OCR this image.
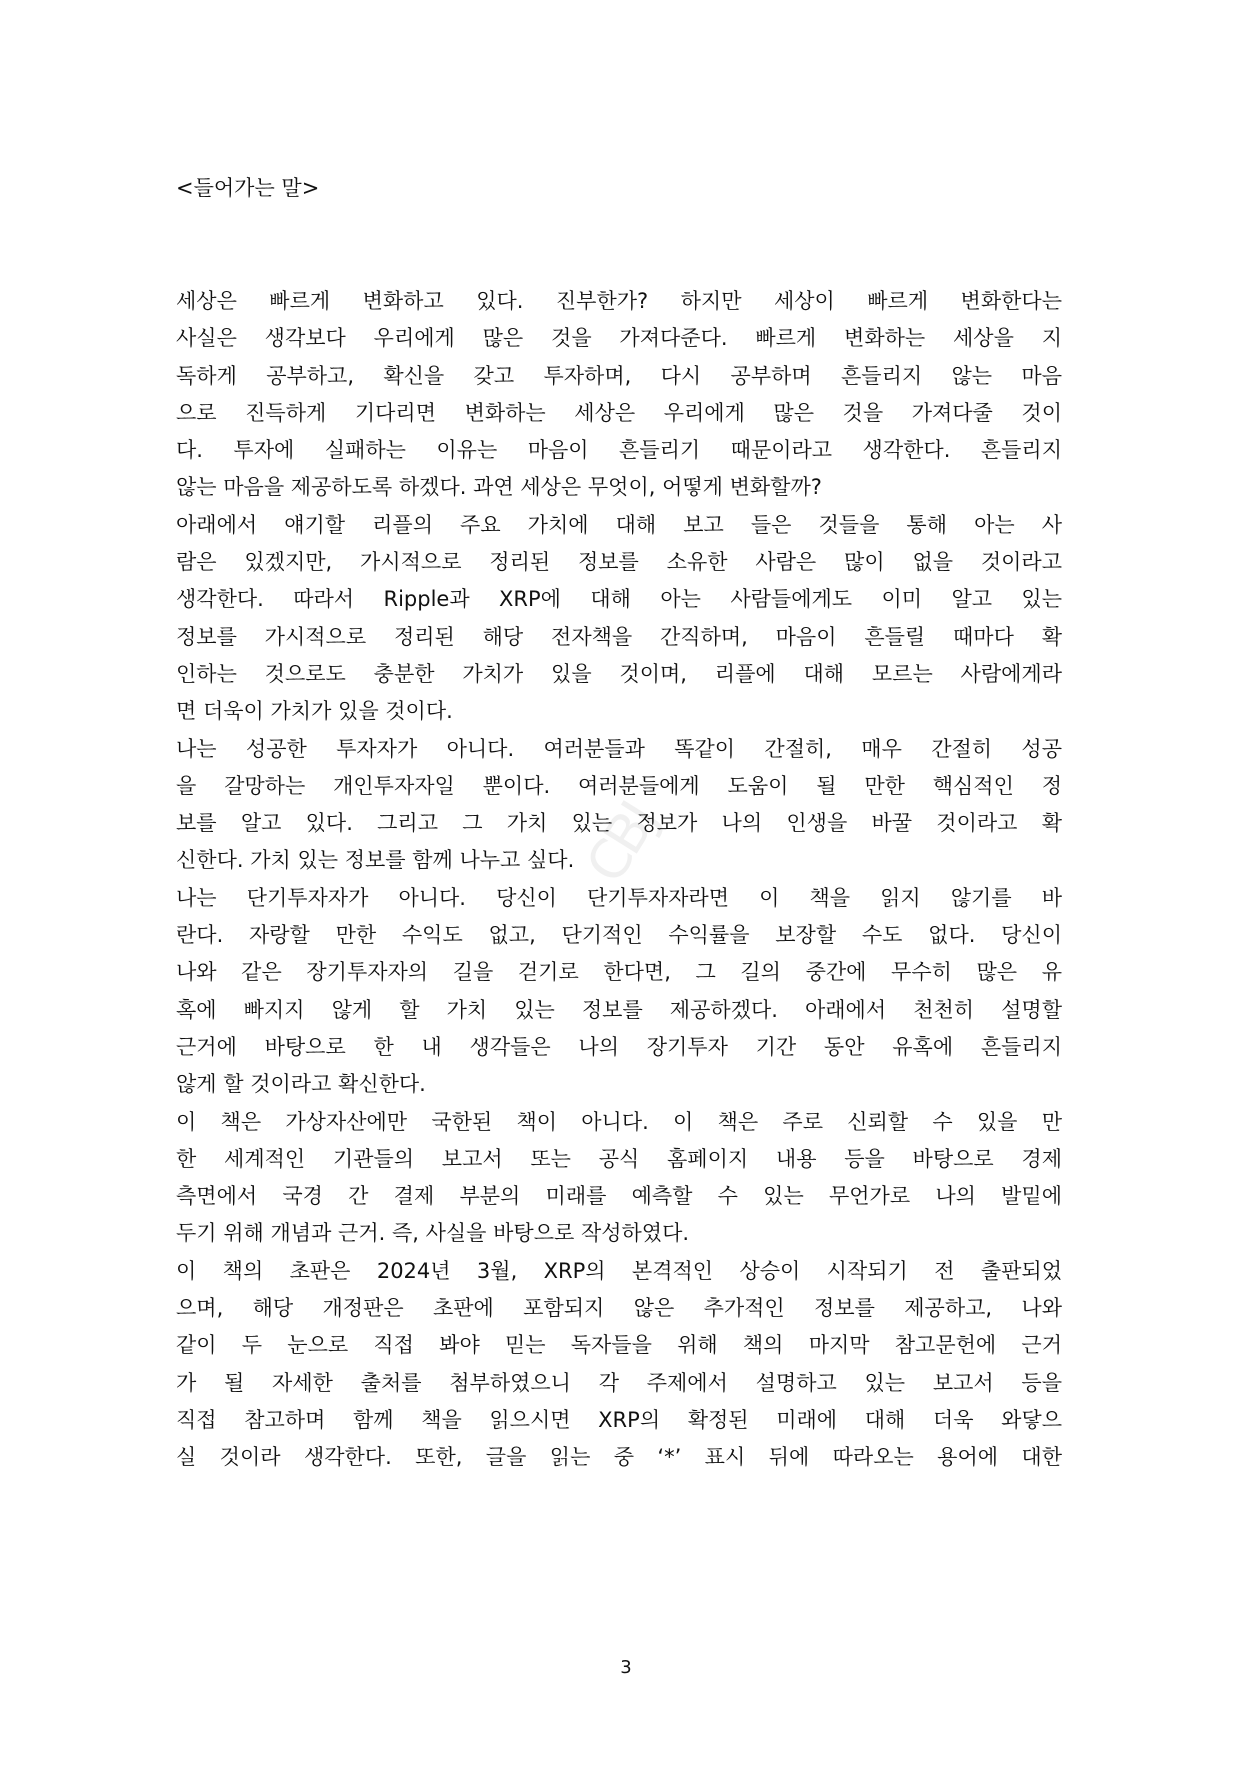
CBJ
<들어가는 말>
세상은 빠르게 변화하고 있다. 진부한가? 하지만 세상이 빠르게 변화한다는
사실은 생각보다 우리에게 많은 것을 가져다준다. 빠르게 변화하는 세상을 지
독하게 공부하고, 확신을 갖고 투자하며, 다시 공부하며 흔들리지 않는 마음
으로 진득하게 기다리면 변화하는 세상은 우리에게 많은 것을 가져다줄 것이
다. 투자에 실패하는 이유는 마음이 흔들리기 때문이라고 생각한다. 흔들리지
않는 마음을 제공하도록 하겠다. 과연 세상은 무엇이, 어떻게 변화할까?
아래에서 얘기할 리플의 주요 가치에 대해 보고 들은 것들을 통해 아는 사
람은 있겠지만, 가시적으로 정리된 정보를 소유한 사람은 많이 없을 것이라고
생각한다. 따라서 Ripple과 XRP에 대해 아는 사람들에게도 이미 알고 있는
정보를 가시적으로 정리된 해당 전자책을 간직하며, 마음이 흔들릴 때마다 확
인하는 것으로도 충분한 가치가 있을 것이며, 리플에 대해 모르는 사람에게라
면 더욱이 가치가 있을 것이다.
나는 성공한 투자자가 아니다. 여러분들과 똑같이 간절히, 매우 간절히 성공
을 갈망하는 개인투자자일 뿐이다. 여러분들에게 도움이 될 만한 핵심적인 정
보를 알고 있다. 그리고 그 가치 있는 정보가 나의 인생을 바꿀 것이라고 확
신한다. 가치 있는 정보를 함께 나누고 싶다.
나는 단기투자자가 아니다. 당신이 단기투자자라면 이 책을 읽지 않기를 바
란다. 자랑할 만한 수익도 없고, 단기적인 수익률을 보장할 수도 없다. 당신이
나와 같은 장기투자자의 길을 걷기로 한다면, 그 길의 중간에 무수히 많은 유
혹에 빠지지 않게 할 가치 있는 정보를 제공하겠다. 아래에서 천천히 설명할
근거에 바탕으로 한 내 생각들은 나의 장기투자 기간 동안 유혹에 흔들리지
않게 할 것이라고 확신한다.
이 책은 가상자산에만 국한된 책이 아니다. 이 책은 주로 신뢰할 수 있을 만
한 세계적인 기관들의 보고서 또는 공식 홈페이지 내용 등을 바탕으로 경제
측면에서 국경 간 결제 부분의 미래를 예측할 수 있는 무언가로 나의 발밑에
두기 위해 개념과 근거. 즉, 사실을 바탕으로 작성하였다.
이 책의 초판은 2024년 3월, XRP의 본격적인 상승이 시작되기 전 출판되었
으며, 해당 개정판은 초판에 포함되지 않은 추가적인 정보를 제공하고, 나와
같이 두 눈으로 직접 봐야 믿는 독자들을 위해 책의 마지막 참고문헌에 근거
가 될 자세한 출처를 첨부하였으니 각 주제에서 설명하고 있는 보고서 등을
직접 참고하며 함께 책을 읽으시면 XRP의 확정된 미래에 대해 더욱 와닿으
실 것이라 생각한다. 또한, 글을 읽는 중 ‘*’ 표시 뒤에 따라오는 용어에 대한
3
